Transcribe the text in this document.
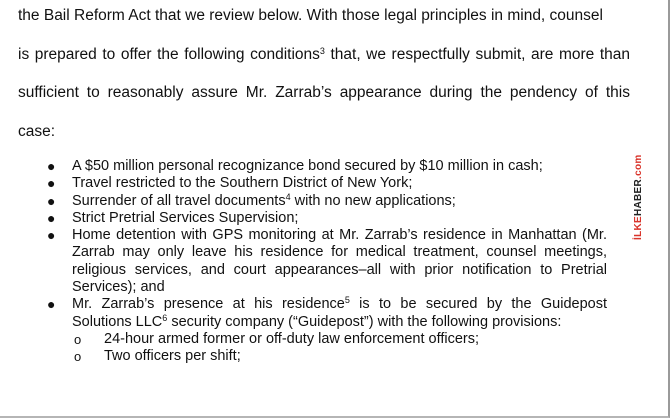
the Bail Reform Act that we review below. With those legal principles in mind, counsel
is prepared to offer the following conditions$^3$ that, we respectfully submit, are more than
sufficient to reasonably assure Mr. Zarrab’s appearance during the pendency of this
case:
● A $50 million personal recognizance bond secured by $10 million in cash;
● Travel restricted to the Southern District of New York;
● Surrender of all travel documents$^4$ with no new applications;
● Strict Pretrial Services Supervision;
● Home detention with GPS monitoring at Mr. Zarrab’s residence in Manhattan (Mr. Zarrab may only leave his residence for medical treatment, counsel meetings, religious services, and court appearances–all with prior notification to Pretrial Services); and
● Mr. Zarrab’s presence at his residence$^5$ is to be secured by the Guidepost Solutions LLC$^6$ security company (“Guidepost”) with the following provisions:
o 24-hour armed former or off-duty law enforcement officers;
o Two officers per shift;
İLKEHABER.com
